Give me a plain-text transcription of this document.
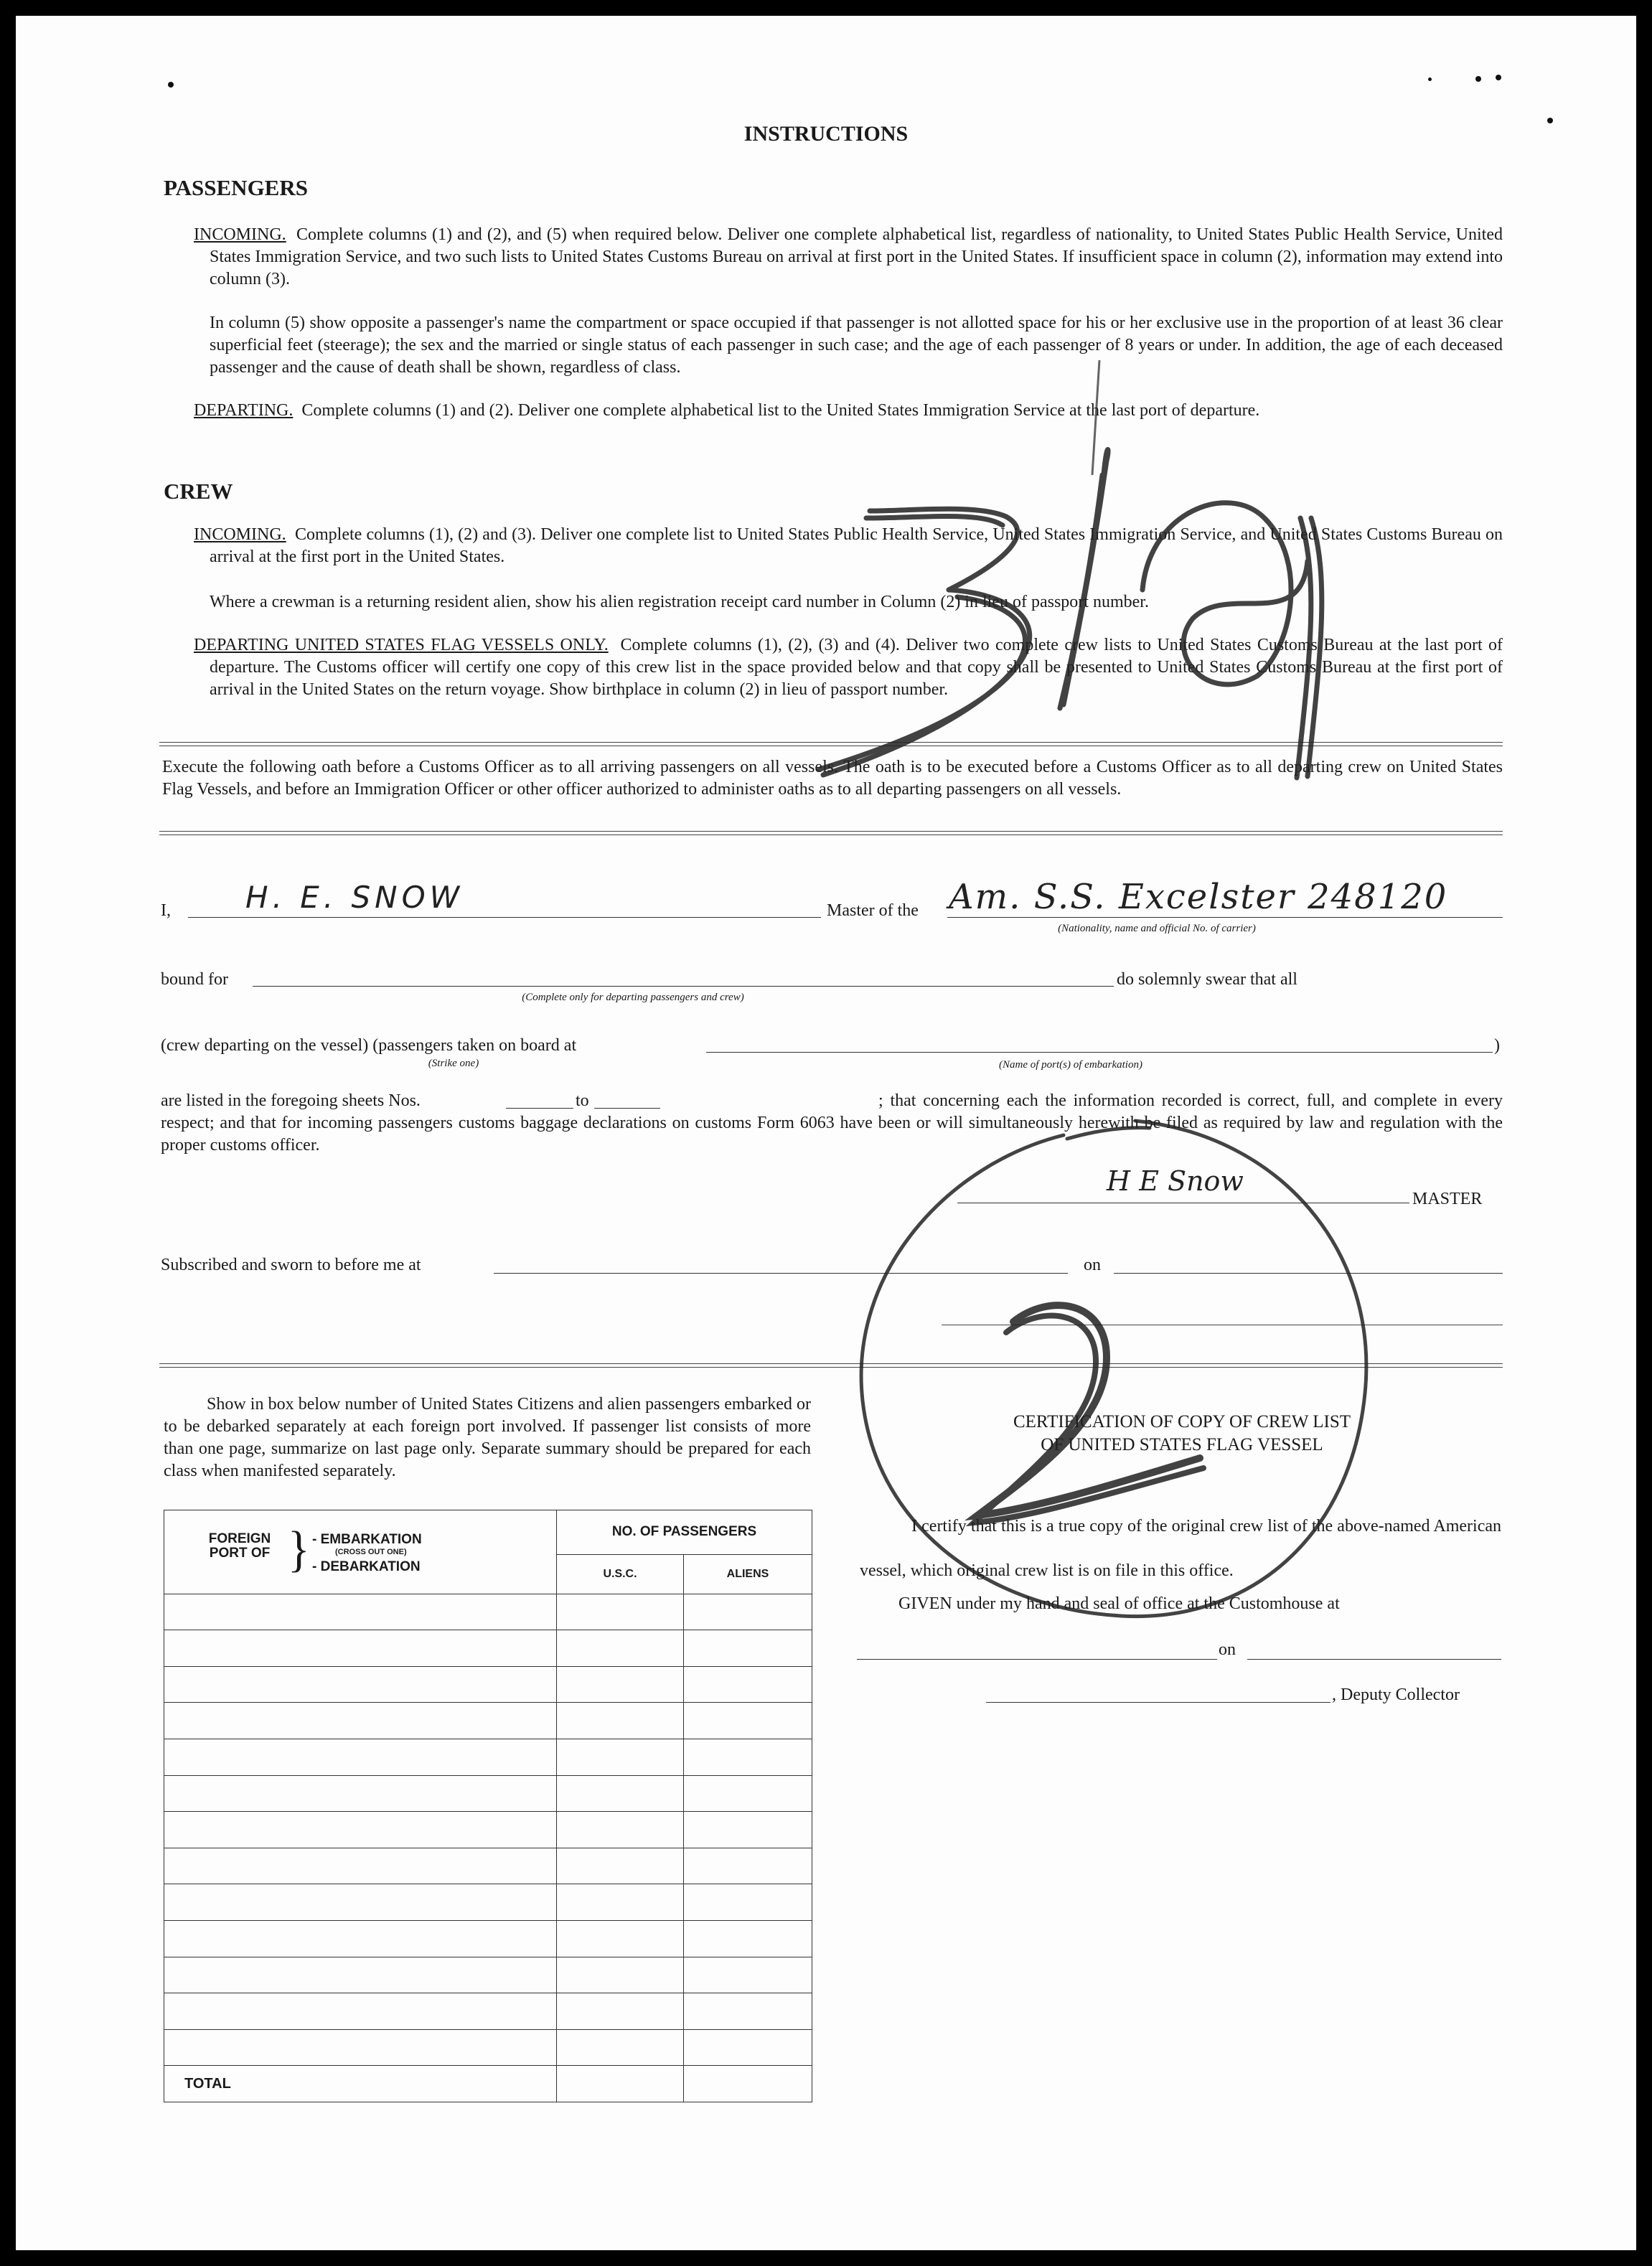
INSTRUCTIONS
PASSENGERS
INCOMING. Complete columns (1) and (2), and (5) when required below. Deliver one complete alphabetical list, regardless of nationality, to United States Public Health Service, United States Immigration Service, and two such lists to United States Customs Bureau on arrival at first port in the United States. If insufficient space in column (2), information may extend into column (3).
In column (5) show opposite a passenger's name the compartment or space occupied if that passenger is not allotted space for his or her exclusive use in the proportion of at least 36 clear superficial feet (steerage); the sex and the married or single status of each passenger in such case; and the age of each passenger of 8 years or under. In addition, the age of each deceased passenger and the cause of death shall be shown, regardless of class.
DEPARTING. Complete columns (1) and (2). Deliver one complete alphabetical list to the United States Immigration Service at the last port of departure.
CREW
INCOMING. Complete columns (1), (2) and (3). Deliver one complete list to United States Public Health Service, United States Immigration Service, and United States Customs Bureau on arrival at the first port in the United States.
Where a crewman is a returning resident alien, show his alien registration receipt card number in Column (2) in lieu of passport number.
DEPARTING UNITED STATES FLAG VESSELS ONLY. Complete columns (1), (2), (3) and (4). Deliver two complete crew lists to United States Customs Bureau at the last port of departure. The Customs officer will certify one copy of this crew list in the space provided below and that copy shall be presented to United States Customs Bureau at the first port of arrival in the United States on the return voyage. Show birthplace in column (2) in lieu of passport number.
Execute the following oath before a Customs Officer as to all arriving passengers on all vessels. The oath is to be executed before a Customs Officer as to all departing crew on United States Flag Vessels, and before an Immigration Officer or other officer authorized to administer oaths as to all departing passengers on all vessels.
I, H. E. SNOW	Master of the Am. S.S. Excelster 248120
(Nationality, name and official No. of carrier)
bound for
(Complete only for departing passengers and crew)
do solemnly swear that all
(crew departing on the vessel) (passengers taken on board at
(Strike one)	(Name of port(s) of embarkation)
)
; that concerning each the information recorded is correct, full, and complete in every respect; and that for incoming passengers customs baggage declarations on customs Form 6063 have been or will simultaneously herewith be filed as required by law and regulation with the proper customs officer.
are listed in the foregoing sheets Nos.	to
H E Snow
MASTER
Subscribed and sworn to before me at	on
Show in box below number of United States Citizens and alien passengers embarked or to be debarked separately at each foreign port involved. If passenger list consists of more than one page, summarize on last page only. Separate summary should be prepared for each class when manifested separately.
FOREIGN PORT OF } - EMBARKATION
(CROSS OUT ONE)
- DEBARKATION	NO. OF PASSENGERS	
	U.S.C.	ALIENS

TOTAL		
CERTIFICATION OF COPY OF CREW LIST
OF UNITED STATES FLAG VESSEL
I certify that this is a true copy of the original crew list of the above-named American vessel, which original crew list is on file in this office.
GIVEN under my hand and seal of office at the Customhouse at
on
, Deputy Collector
